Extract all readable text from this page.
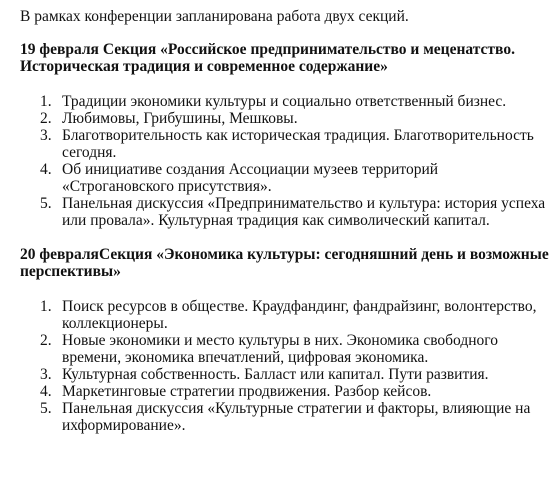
В рамках конференции запланирована работа двух секций.

19 февраля Секция «Российское предпринимательство и меценатство. Историческая традиция и современное содержание»

1. Традиции экономики культуры и социально ответственный бизнес.
2. Любимовы, Грибушины, Мешковы.
3. Благотворительность как историческая традиция. Благотворительность сегодня.
4. Об инициативе создания Ассоциации музеев территорий «Строгановского присутствия».
5. Панельная дискуссия «Предпринимательство и культура: история успеха или провала». Культурная традиция как символический капитал.

20 февраляСекция «Экономика культуры: сегодняшний день и возможные перспективы»

1. Поиск ресурсов в обществе. Краудфандинг, фандрайзинг, волонтерство, коллекционеры.
2. Новые экономики и место культуры в них. Экономика свободного времени, экономика впечатлений, цифровая экономика.
3. Культурная собственность. Балласт или капитал. Пути развития.
4. Маркетинговые стратегии продвижения. Разбор кейсов.
5. Панельная дискуссия «Культурные стратегии и факторы, влияющие на ихформирование».
